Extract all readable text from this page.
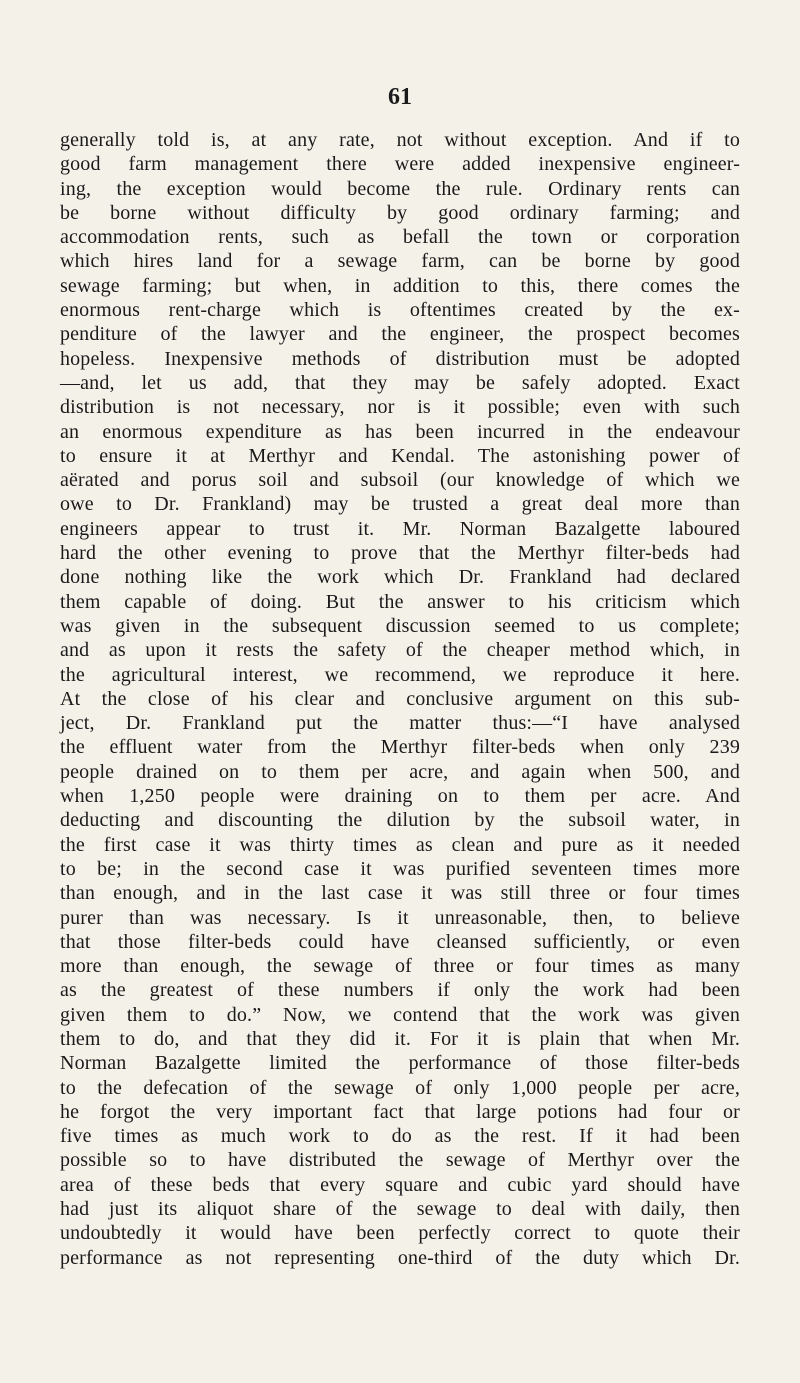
61
generally told is, at any rate, not without exception. And if to
good farm management there were added inexpensive engineer-
ing, the exception would become the rule. Ordinary rents can
be borne without difficulty by good ordinary farming; and
accommodation rents, such as befall the town or corporation
which hires land for a sewage farm, can be borne by good
sewage farming; but when, in addition to this, there comes the
enormous rent-charge which is oftentimes created by the ex-
penditure of the lawyer and the engineer, the prospect becomes
hopeless. Inexpensive methods of distribution must be adopted
—and, let us add, that they may be safely adopted. Exact
distribution is not necessary, nor is it possible; even with such
an enormous expenditure as has been incurred in the endeavour
to ensure it at Merthyr and Kendal. The astonishing power of
aërated and porus soil and subsoil (our knowledge of which we
owe to Dr. Frankland) may be trusted a great deal more than
engineers appear to trust it. Mr. Norman Bazalgette laboured
hard the other evening to prove that the Merthyr filter-beds had
done nothing like the work which Dr. Frankland had declared
them capable of doing. But the answer to his criticism which
was given in the subsequent discussion seemed to us complete;
and as upon it rests the safety of the cheaper method which, in
the agricultural interest, we recommend, we reproduce it here.
At the close of his clear and conclusive argument on this sub-
ject, Dr. Frankland put the matter thus:—“I have analysed
the effluent water from the Merthyr filter-beds when only 239
people drained on to them per acre, and again when 500, and
when 1,250 people were draining on to them per acre. And
deducting and discounting the dilution by the subsoil water, in
the first case it was thirty times as clean and pure as it needed
to be; in the second case it was purified seventeen times more
than enough, and in the last case it was still three or four times
purer than was necessary. Is it unreasonable, then, to believe
that those filter-beds could have cleansed sufficiently, or even
more than enough, the sewage of three or four times as many
as the greatest of these numbers if only the work had been
given them to do.” Now, we contend that the work was given
them to do, and that they did it. For it is plain that when Mr.
Norman Bazalgette limited the performance of those filter-beds
to the defecation of the sewage of only 1,000 people per acre,
he forgot the very important fact that large potions had four or
five times as much work to do as the rest. If it had been
possible so to have distributed the sewage of Merthyr over the
area of these beds that every square and cubic yard should have
had just its aliquot share of the sewage to deal with daily, then
undoubtedly it would have been perfectly correct to quote their
performance as not representing one-third of the duty which Dr.
